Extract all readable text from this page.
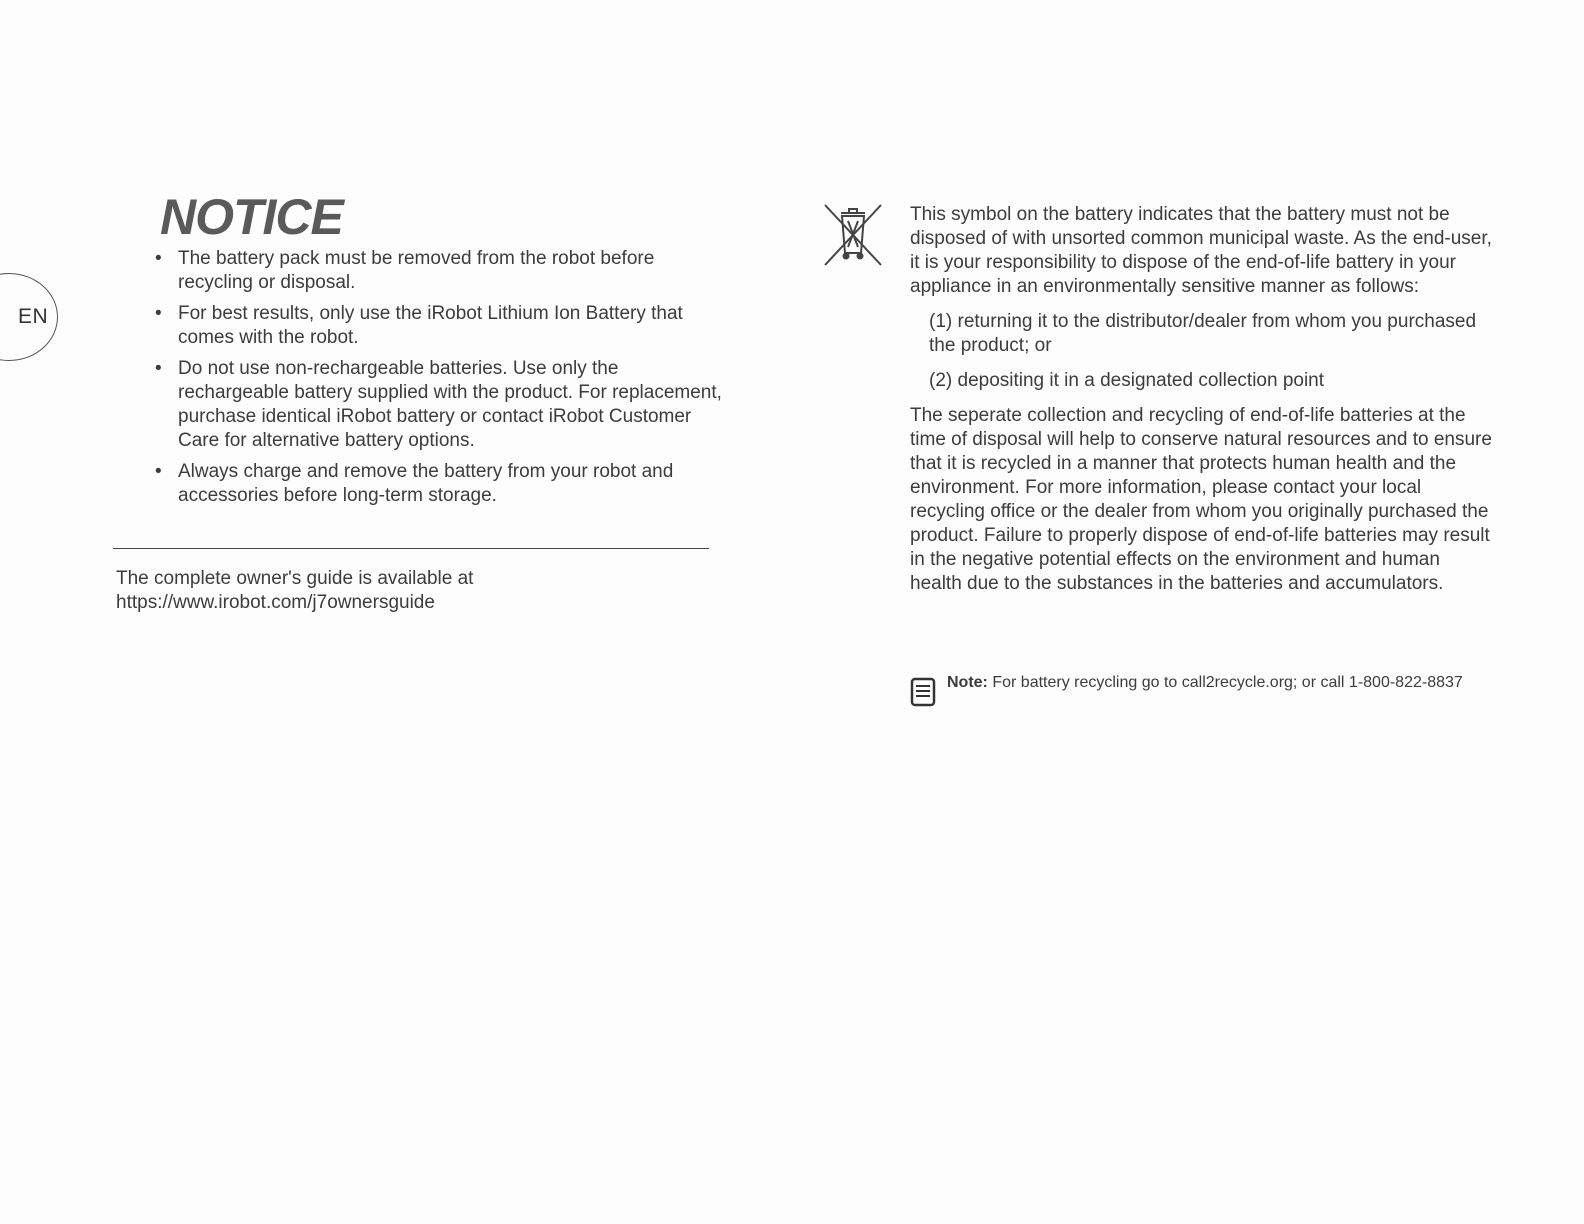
EN
NOTICE
• The battery pack must be removed from the robot before recycling or disposal.
• For best results, only use the iRobot Lithium Ion Battery that comes with the robot.
• Do not use non-rechargeable batteries. Use only the rechargeable battery supplied with the product. For replacement, purchase identical iRobot battery or contact iRobot Customer Care for alternative battery options.
• Always charge and remove the battery from your robot and accessories before long-term storage.
The complete owner's guide is available at
https://www.irobot.com/j7ownersguide

This symbol on the battery indicates that the battery must not be disposed of with unsorted common municipal waste. As the end-user, it is your responsibility to dispose of the end-of-life battery in your appliance in an environmentally sensitive manner as follows:

(1) returning it to the distributor/dealer from whom you purchased the product; or

(2) depositing it in a designated collection point

The seperate collection and recycling of end-of-life batteries at the time of disposal will help to conserve natural resources and to ensure that it is recycled in a manner that protects human health and the environment. For more information, please contact your local recycling office or the dealer from whom you originally purchased the product. Failure to properly dispose of end-of-life batteries may result in the negative potential effects on the environment and human health due to the substances in the batteries and accumulators.

Note: For battery recycling go to call2recycle.org; or call 1-800-822-8837
